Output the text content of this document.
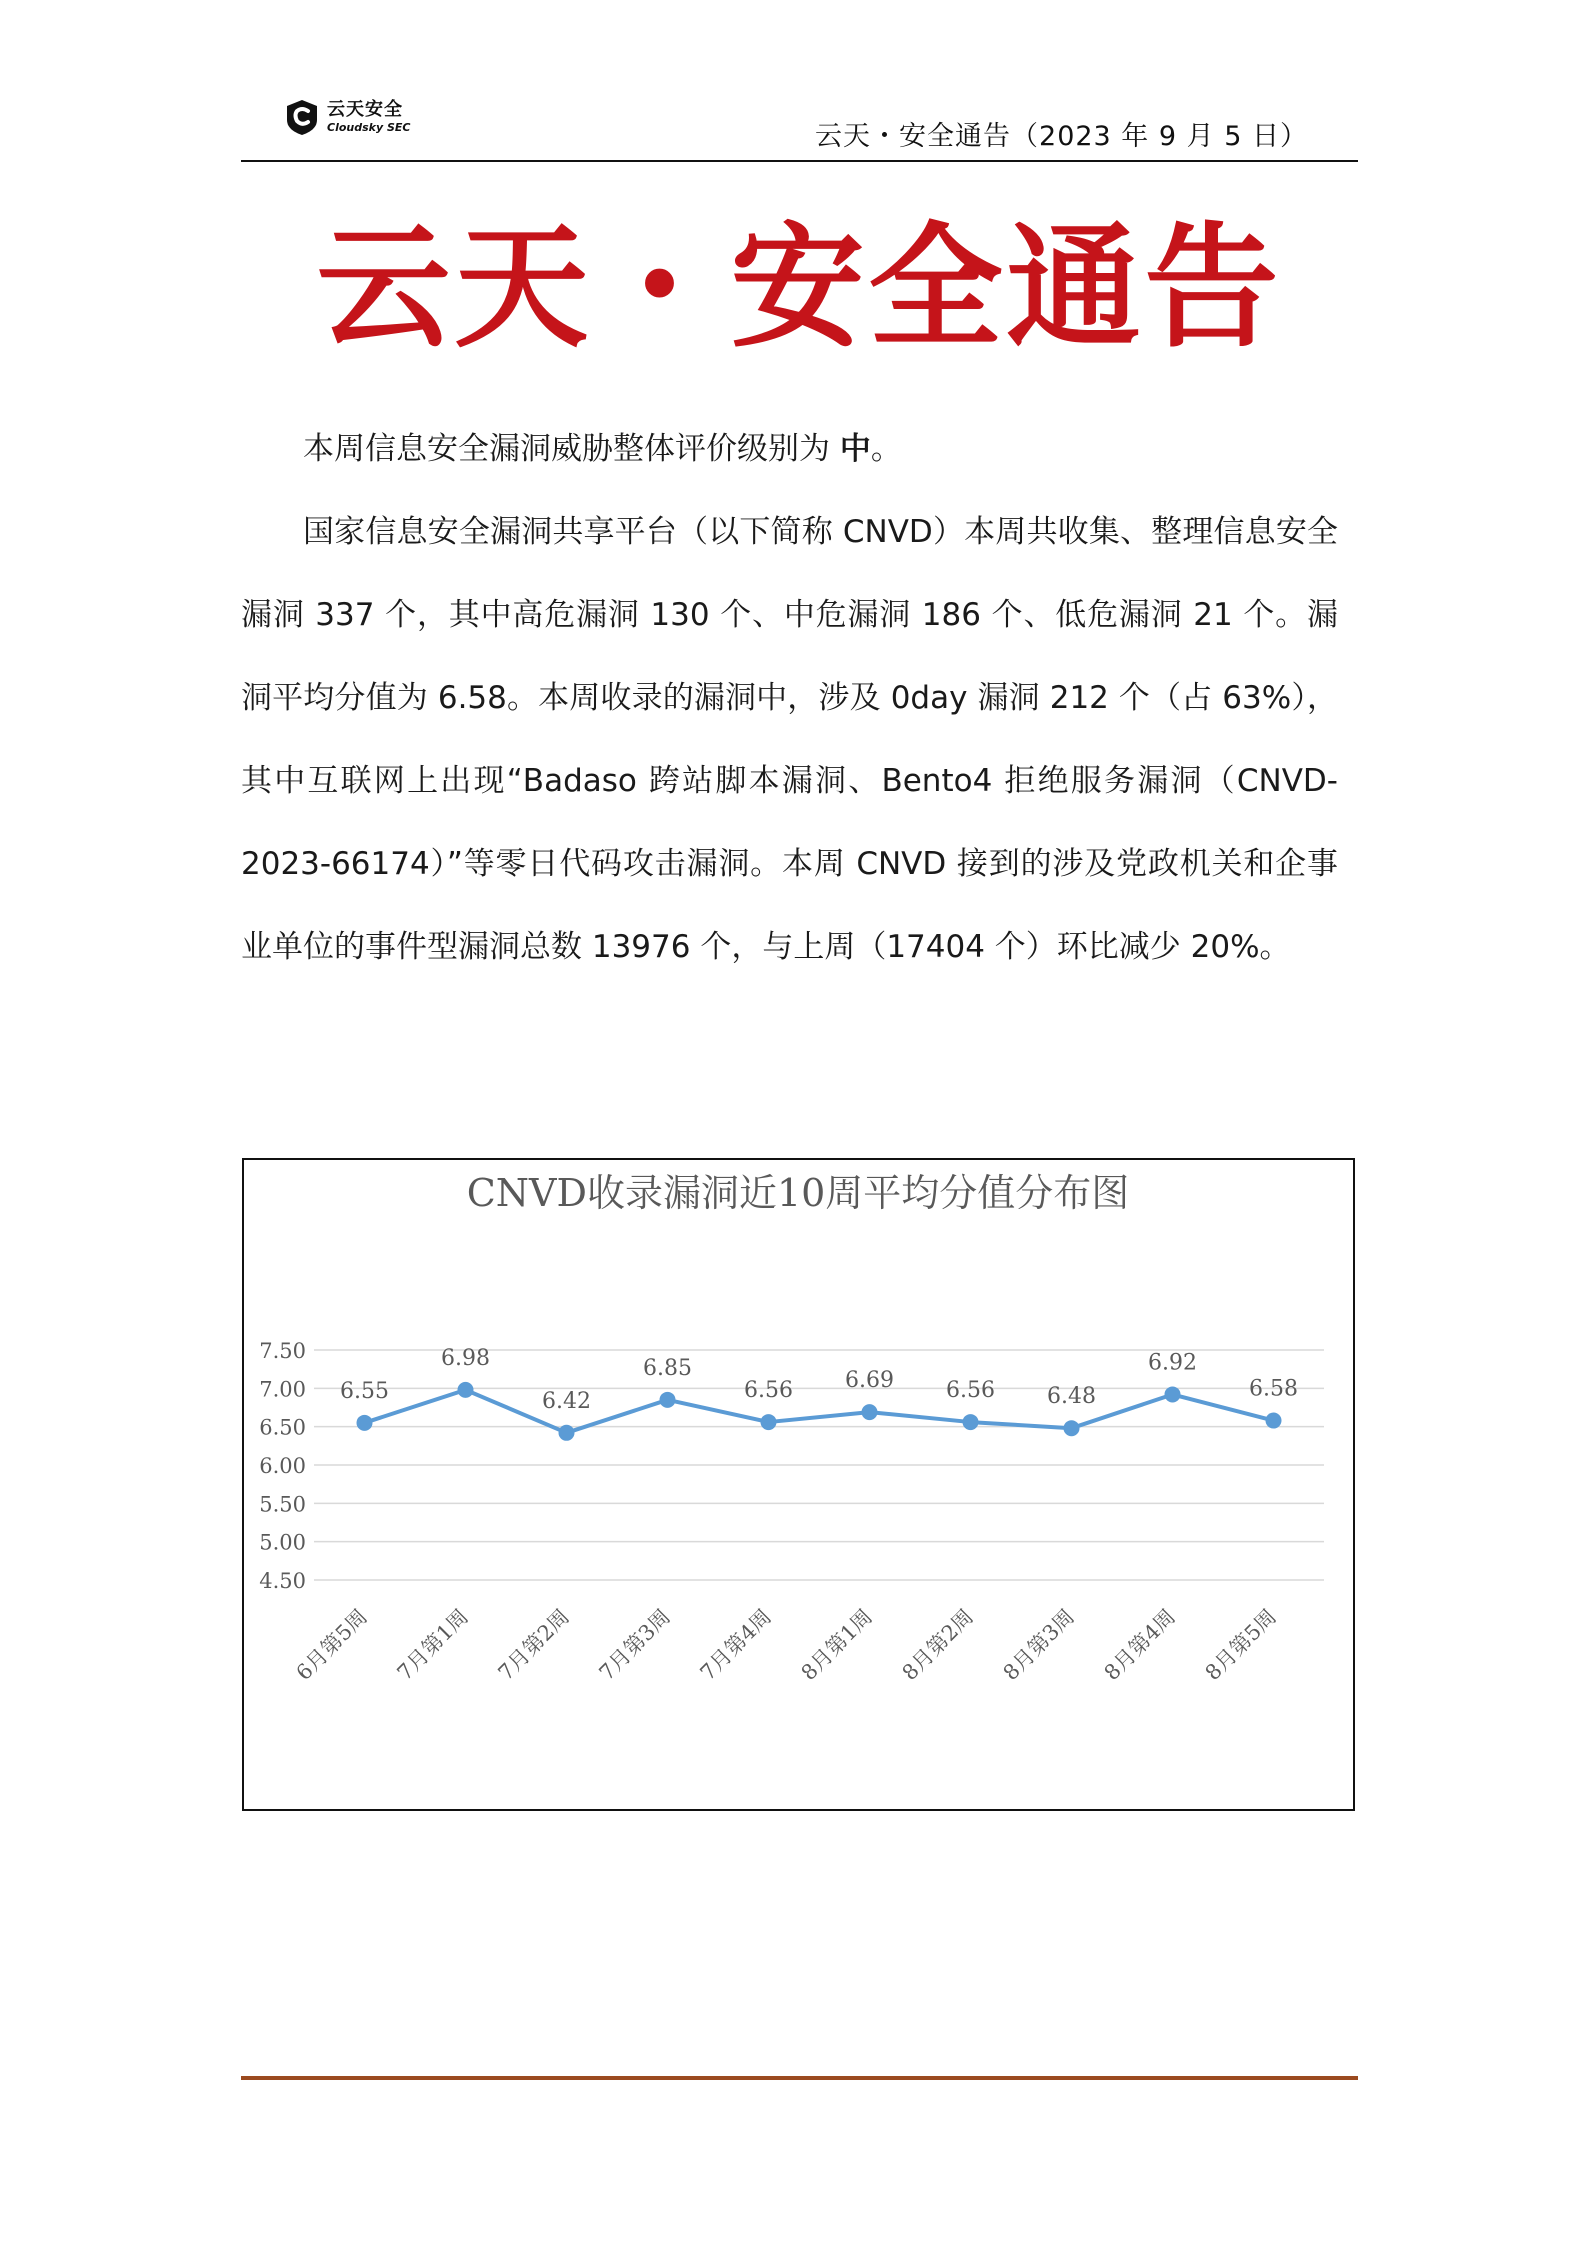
云天安全
Cloudsky SEC	云天・安全通告（2023 年 9 月 5 日）
云天・安全通告

本周信息安全漏洞威胁整体评价级别为 中。

国家信息安全漏洞共享平台（以下简称 CNVD）本周共收集、整理信息安全漏洞 337 个，其中高危漏洞 130 个、中危漏洞 186 个、低危漏洞 21 个。漏洞平均分值为 6.58。本周收录的漏洞中，涉及 0day 漏洞 212 个（占 63%），其中互联网上出现“Badaso 跨站脚本漏洞、Bento4 拒绝服务漏洞（CNVD-2023-66174）”等零日代码攻击漏洞。本周 CNVD 接到的涉及党政机关和企事业单位的事件型漏洞总数 13976 个，与上周（17404 个）环比减少 20%。

CNVD收录漏洞近10周平均分值分布图
4.50
5.00
5.50
6.00
6.50
7.00
7.50
6.55
6.98
6.42
6.85
6.56 6.69 6.56 6.48
6.92
6.58
6月第5周 7月第1周 7月第2周 7月第3周 7月第4周 8月第1周 8月第2周 8月第3周 8月第4周 8月第5周
